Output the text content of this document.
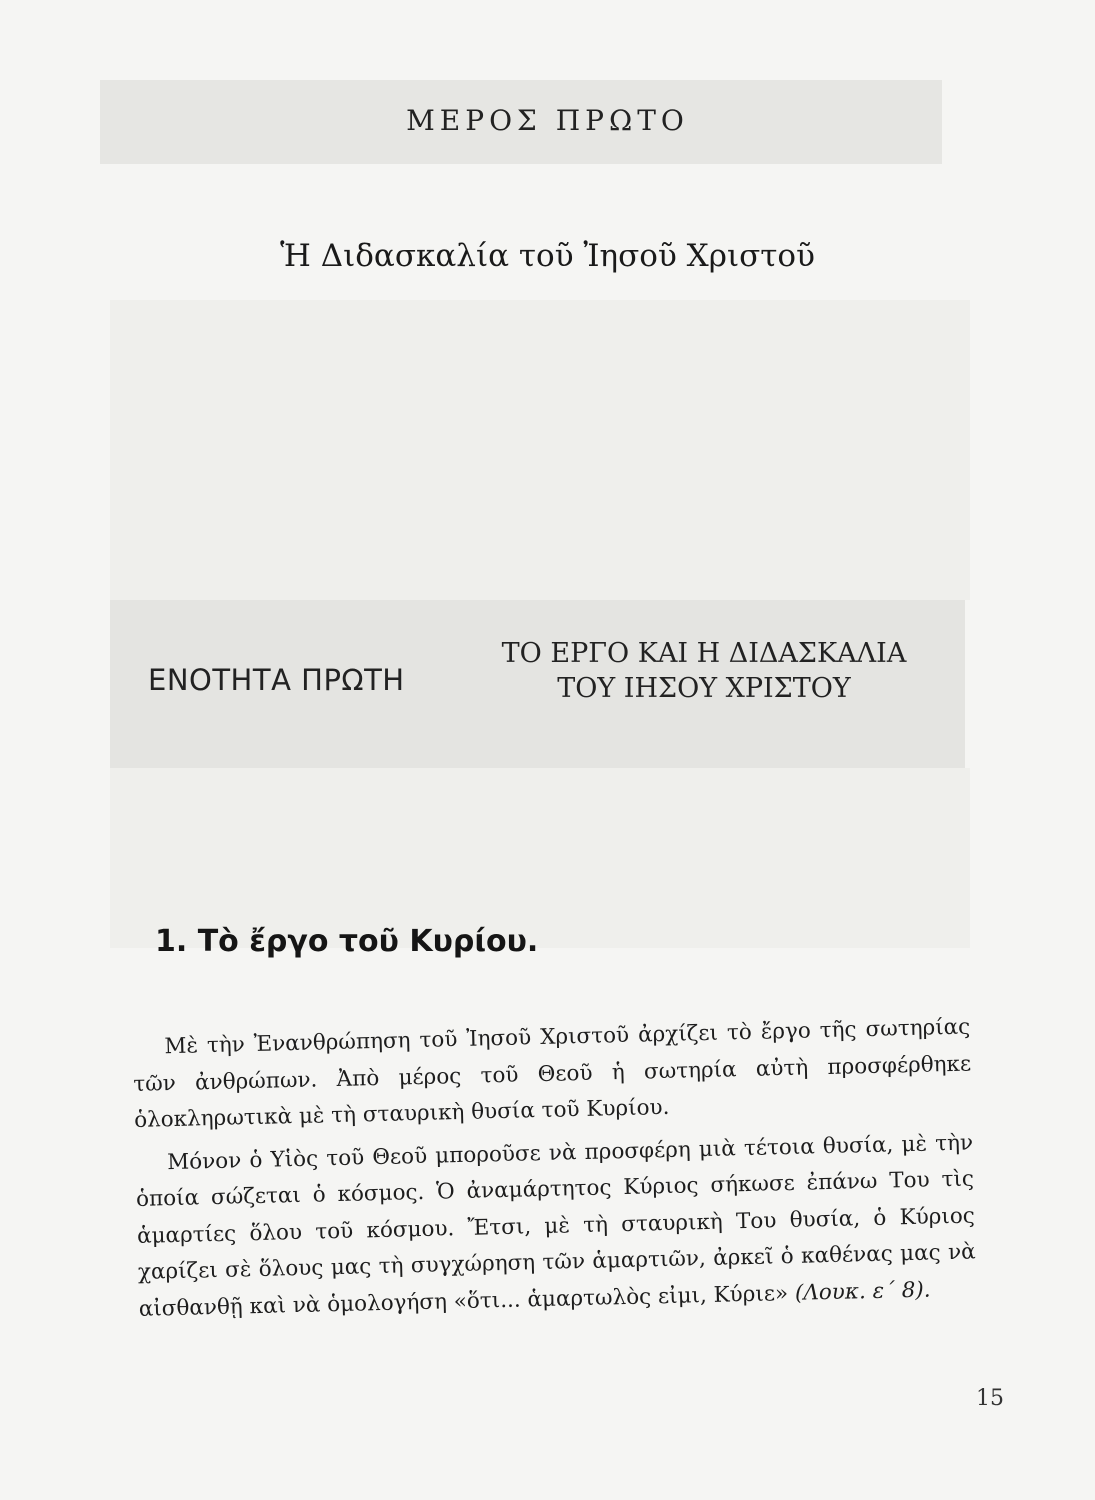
ΜΕΡΟΣ ΠΡΩΤΟ
Ἡ Διδασκαλία τοῦ Ἰησοῦ Χριστοῦ
ΕΝΟΤΗΤΑ ΠΡΩΤΗ
ΤΟ ΕΡΓΟ ΚΑΙ Η ΔΙΔΑΣΚΑΛΙΑ
ΤΟΥ ΙΗΣΟΥ ΧΡΙΣΤΟΥ
1. Τὸ ἔργο τοῦ Κυρίου.

Μὲ τὴν Ἐνανθρώπηση τοῦ Ἰησοῦ Χριστοῦ ἀρχίζει τὸ ἔργο τῆς σωτηρίας τῶν ἀνθρώπων. Ἀπὸ μέρος τοῦ Θεοῦ ἡ σωτηρία αὐτὴ προσφέρθηκε ὁλοκληρωτικὰ μὲ τὴ σταυρικὴ θυσία τοῦ Κυρίου.

Μόνον ὁ Υἱὸς τοῦ Θεοῦ μποροῦσε νὰ προσφέρη μιὰ τέτοια θυσία, μὲ τὴν ὁποία σώζεται ὁ κόσμος. Ὁ ἀναμάρτητος Κύριος σήκωσε ἐπάνω Του τὶς ἁμαρτίες ὅλου τοῦ κόσμου. Ἔτσι, μὲ τὴ σταυρικὴ Του θυσία, ὁ Κύριος χαρίζει σὲ ὅλους μας τὴ συγχώρηση τῶν ἁμαρτιῶν, ἀρκεῖ ὁ καθένας μας νὰ αἰσθανθῇ καὶ νὰ ὁμολογήση «ὅτι... ἁμαρτωλὸς εἰμι, Κύριε» (Λουκ. ε΄ 8).

15
